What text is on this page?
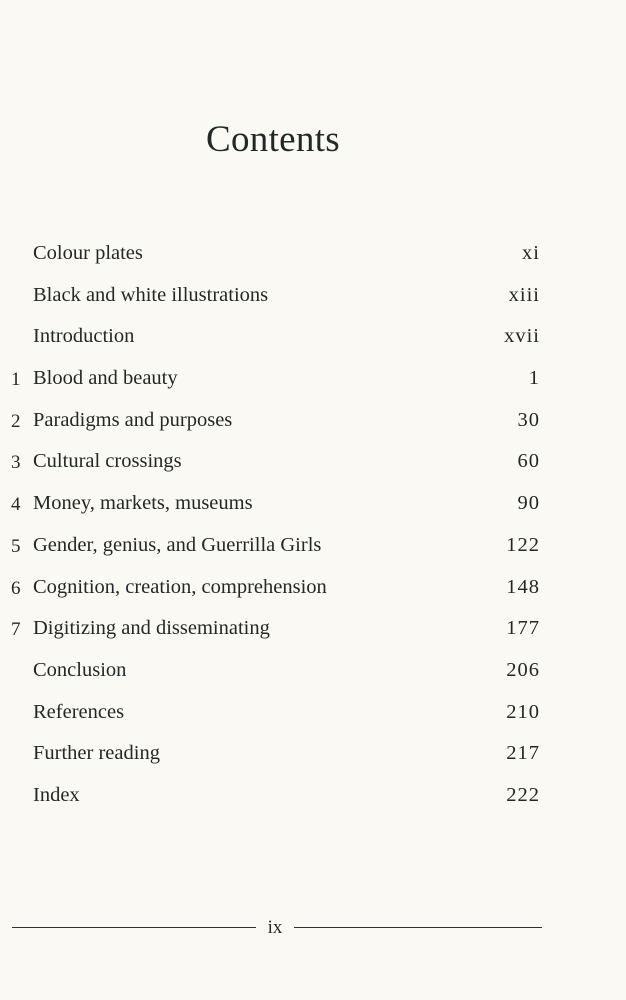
Contents
Colour plates	xi
Black and white illustrations	xiii
Introduction	xvii
1 Blood and beauty	1
2 Paradigms and purposes	30
3 Cultural crossings	60
4 Money, markets, museums	90
5 Gender, genius, and Guerrilla Girls	122
6 Cognition, creation, comprehension	148
7 Digitizing and disseminating	177
Conclusion	206
References	210
Further reading	217
Index	222
ix
